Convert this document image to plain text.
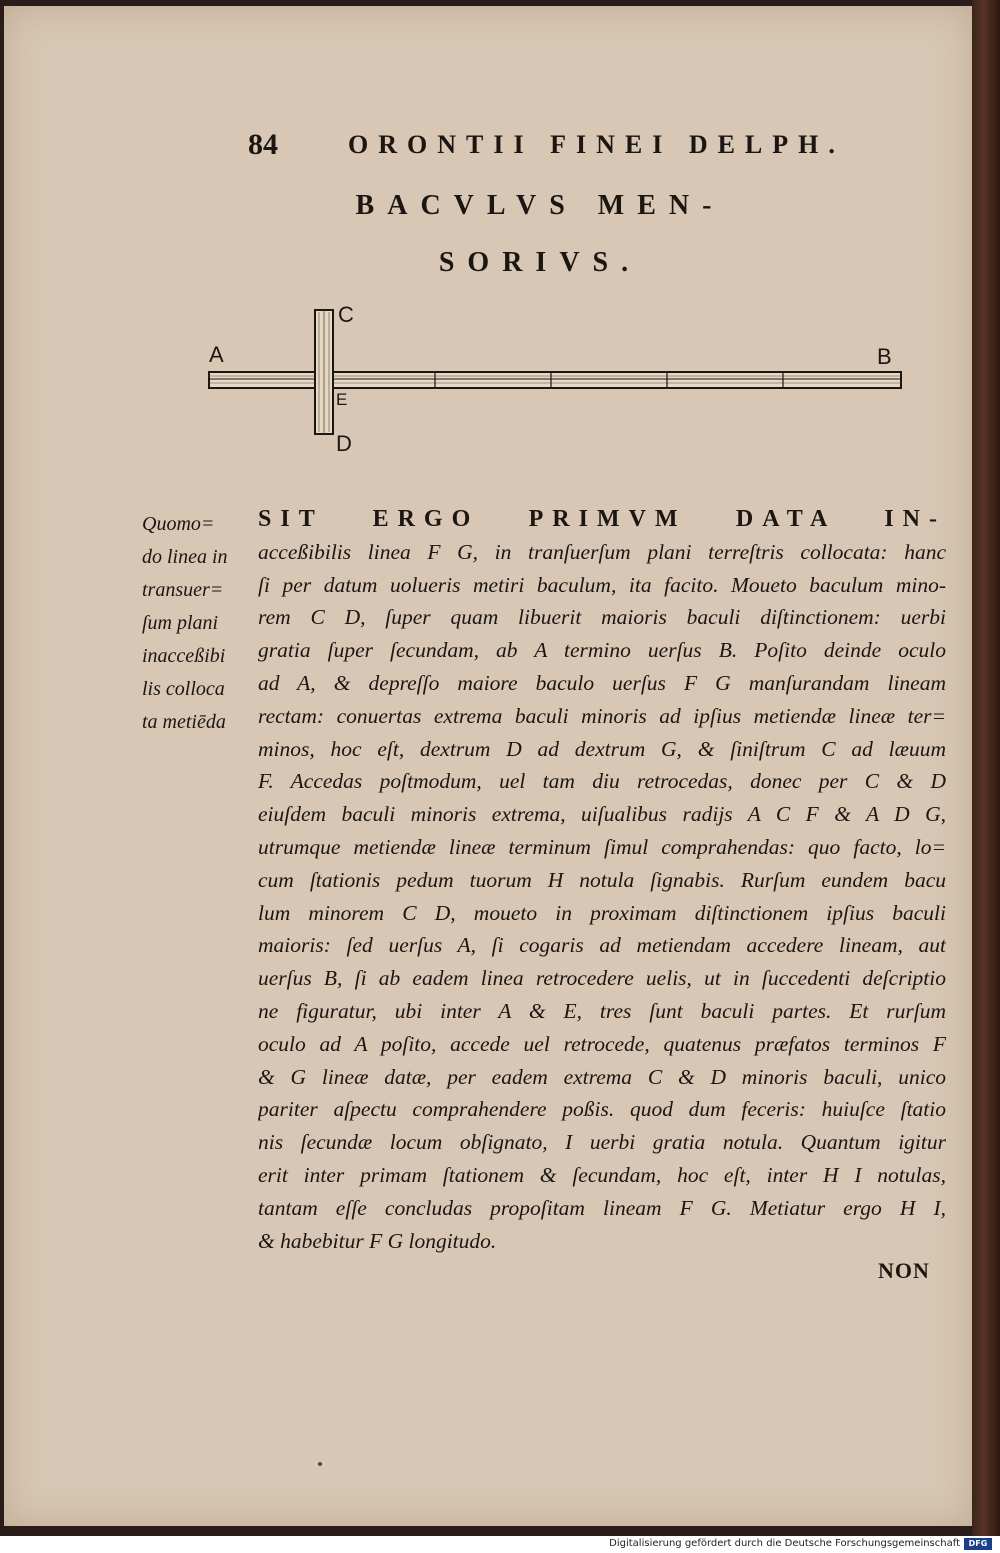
84	ORONTII FINEI DELPH.
BACVLVS MEN-
SORIVS.
A	B
C
D
E
Quomo=
do linea in
transuer=
ſum plani
inacceßibi
lis colloca
ta metiēda
SIT ERGO PRIMVM DATA IN-
acceßibilis linea F G, in tranſuerſum plani terreſtris collocata: hanc
ſi per datum uolueris metiri baculum, ita facito. Moueto baculum mino-
rem C D, ſuper quam libuerit maioris baculi diſtinctionem: uerbi
gratia ſuper ſecundam, ab A termino uerſus B. Poſito deinde oculo
ad A, & depreſſo maiore baculo uerſus F G manſurandam lineam
rectam: conuertas extrema baculi minoris ad ipſius metiendæ lineæ ter=
minos, hoc eſt, dextrum D ad dextrum G, & ſiniſtrum C ad læuum
F. Accedas poſtmodum, uel tam diu retrocedas, donec per C & D
eiuſdem baculi minoris extrema, uiſualibus radijs A C F & A D G,
utrumque metiendæ lineæ terminum ſimul comprahendas: quo facto, lo=
cum ſtationis pedum tuorum H notula ſignabis. Rurſum eundem bacu
lum minorem C D, moueto in proximam diſtinctionem ipſius baculi
maioris: ſed uerſus A, ſi cogaris ad metiendam accedere lineam, aut
uerſus B, ſi ab eadem linea retrocedere uelis, ut in ſuccedenti deſcriptio
ne figuratur, ubi inter A & E, tres ſunt baculi partes. Et rurſum
oculo ad A poſito, accede uel retrocede, quatenus præfatos terminos F
& G lineæ datæ, per eadem extrema C & D minoris baculi, unico
pariter aſpectu comprahendere poßis. quod dum feceris: huiuſce ſtatio
nis ſecundæ locum obſignato, I uerbi gratia notula. Quantum igitur
erit inter primam ſtationem & ſecundam, hoc eſt, inter H I notulas,
tantam eſſe concludas propoſitam lineam F G. Metiatur ergo H I,
& habebitur F G longitudo.
NON
Digitalisierung gefördert durch die Deutsche Forschungsgemeinschaft	DFG
